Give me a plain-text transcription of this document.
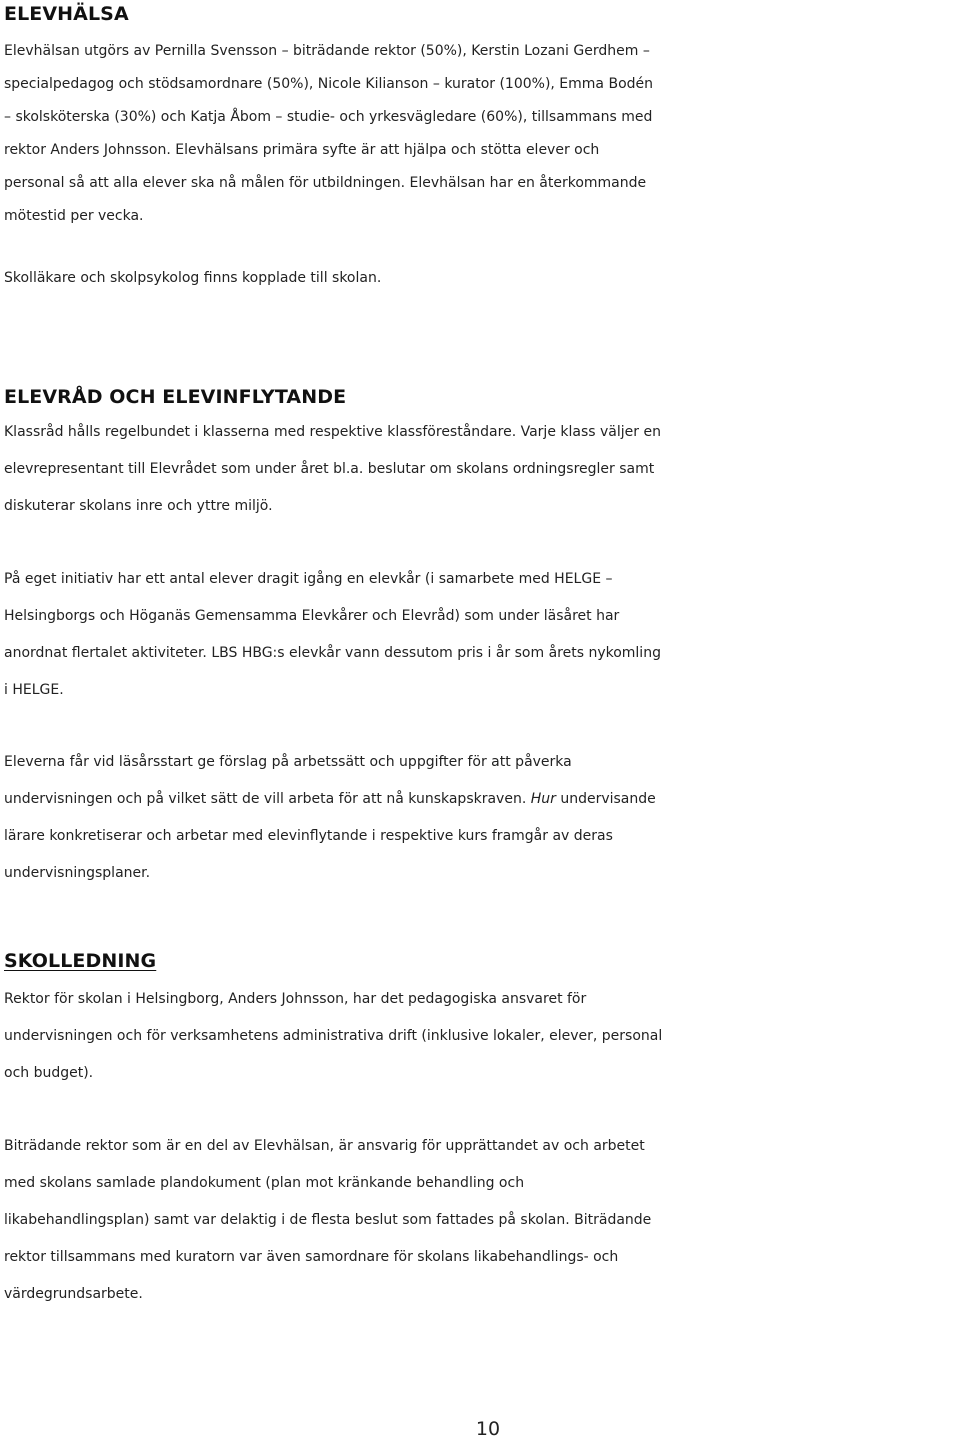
ELEVHÄLSA
Elevhälsan utgörs av Pernilla Svensson – biträdande rektor (50%), Kerstin Lozani Gerdhem –
specialpedagog och stödsamordnare (50%), Nicole Kilianson – kurator (100%), Emma Bodén
– skolsköterska (30%) och Katja Åbom – studie- och yrkesvägledare (60%), tillsammans med
rektor Anders Johnsson. Elevhälsans primära syfte är att hjälpa och stötta elever och
personal så att alla elever ska nå målen för utbildningen. Elevhälsan har en återkommande
mötestid per vecka.
Skolläkare och skolpsykolog finns kopplade till skolan.
ELEVRÅD OCH ELEVINFLYTANDE
Klassråd hålls regelbundet i klasserna med respektive klassföreståndare. Varje klass väljer en
elevrepresentant till Elevrådet som under året bl.a. beslutar om skolans ordningsregler samt
diskuterar skolans inre och yttre miljö.
På eget initiativ har ett antal elever dragit igång en elevkår (i samarbete med HELGE –
Helsingborgs och Höganäs Gemensamma Elevkårer och Elevråd) som under läsåret har
anordnat flertalet aktiviteter. LBS HBG:s elevkår vann dessutom pris i år som årets nykomling
i HELGE.
Eleverna får vid läsårsstart ge förslag på arbetssätt och uppgifter för att påverka
undervisningen och på vilket sätt de vill arbeta för att nå kunskapskraven. Hur undervisande
lärare konkretiserar och arbetar med elevinflytande i respektive kurs framgår av deras
undervisningsplaner.
SKOLLEDNING
Rektor för skolan i Helsingborg, Anders Johnsson, har det pedagogiska ansvaret för
undervisningen och för verksamhetens administrativa drift (inklusive lokaler, elever, personal
och budget).
Biträdande rektor som är en del av Elevhälsan, är ansvarig för upprättandet av och arbetet
med skolans samlade plandokument (plan mot kränkande behandling och
likabehandlingsplan) samt var delaktig i de flesta beslut som fattades på skolan. Biträdande
rektor tillsammans med kuratorn var även samordnare för skolans likabehandlings- och
värdegrundsarbete.

10
